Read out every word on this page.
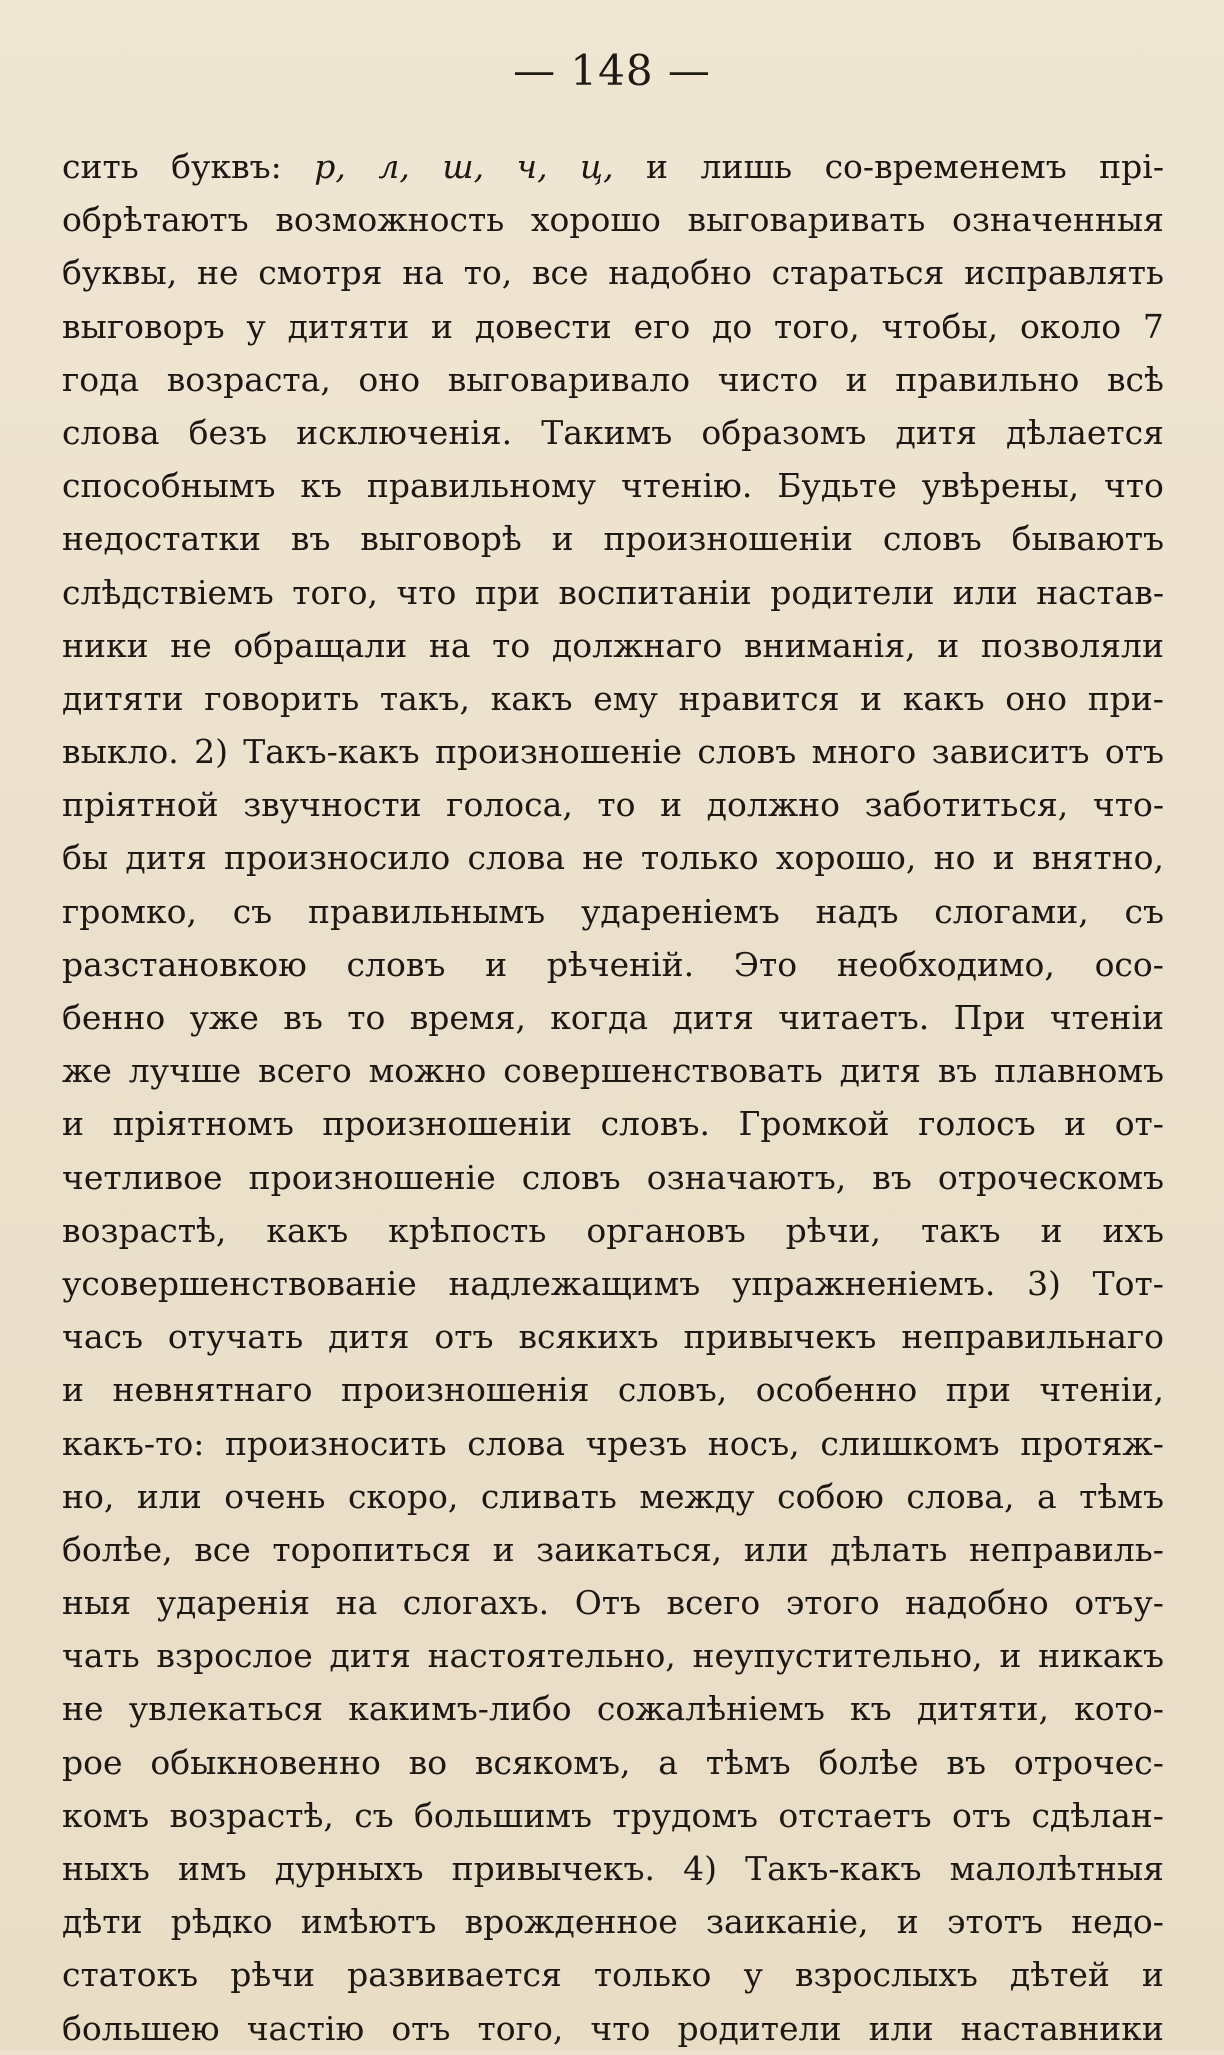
— 148 —
сить буквъ: р, л, ш, ч, ц, и лишь со-временемъ прі-
обрѣтаютъ возможность хорошо выговаривать означенныя
буквы, не смотря на то, все надобно стараться исправлять
выговоръ у дитяти и довести его до того, чтобы, около 7
года возраста, оно выговаривало чисто и правильно всѣ
слова безъ исключенія. Такимъ образомъ дитя дѣлается
способнымъ къ правильному чтенію. Будьте увѣрены, что
недостатки въ выговорѣ и произношеніи словъ бываютъ
слѣдствіемъ того, что при воспитаніи родители или настав-
ники не обращали на то должнаго вниманія, и позволяли
дитяти говорить такъ, какъ ему нравится и какъ оно при-
выкло. 2) Такъ-какъ произношеніе словъ много зависитъ отъ
пріятной звучности голоса, то и должно заботиться, что-
бы дитя произносило слова не только хорошо, но и внятно,
громко, съ правильнымъ удареніемъ надъ слогами, съ
разстановкою словъ и рѣченій. Это необходимо, осо-
бенно уже въ то время, когда дитя читаетъ. При чтеніи
же лучше всего можно совершенствовать дитя въ плавномъ
и пріятномъ произношеніи словъ. Громкой голосъ и от-
четливое произношеніе словъ означаютъ, въ отроческомъ
возрастѣ, какъ крѣпость органовъ рѣчи, такъ и ихъ
усовершенствованіе надлежащимъ упражненіемъ. 3) Тот-
часъ отучать дитя отъ всякихъ привычекъ неправильнаго
и невнятнаго произношенія словъ, особенно при чтеніи,
какъ-то: произносить слова чрезъ носъ, слишкомъ протяж-
но, или очень скоро, сливать между собою слова, а тѣмъ
болѣе, все торопиться и заикаться, или дѣлать неправиль-
ныя ударенія на слогахъ. Отъ всего этого надобно отъу-
чать взрослое дитя настоятельно, неупустительно, и никакъ
не увлекаться какимъ-либо сожалѣніемъ къ дитяти, кото-
рое обыкновенно во всякомъ, а тѣмъ болѣе въ отрочес-
комъ возрастѣ, съ большимъ трудомъ отстаетъ отъ сдѣлан-
ныхъ имъ дурныхъ привычекъ. 4) Такъ-какъ малолѣтныя
дѣти рѣдко имѣютъ врожденное заиканіе, и этотъ недо-
статокъ рѣчи развивается только у взрослыхъ дѣтей и
большею частію отъ того, что родители или наставники
